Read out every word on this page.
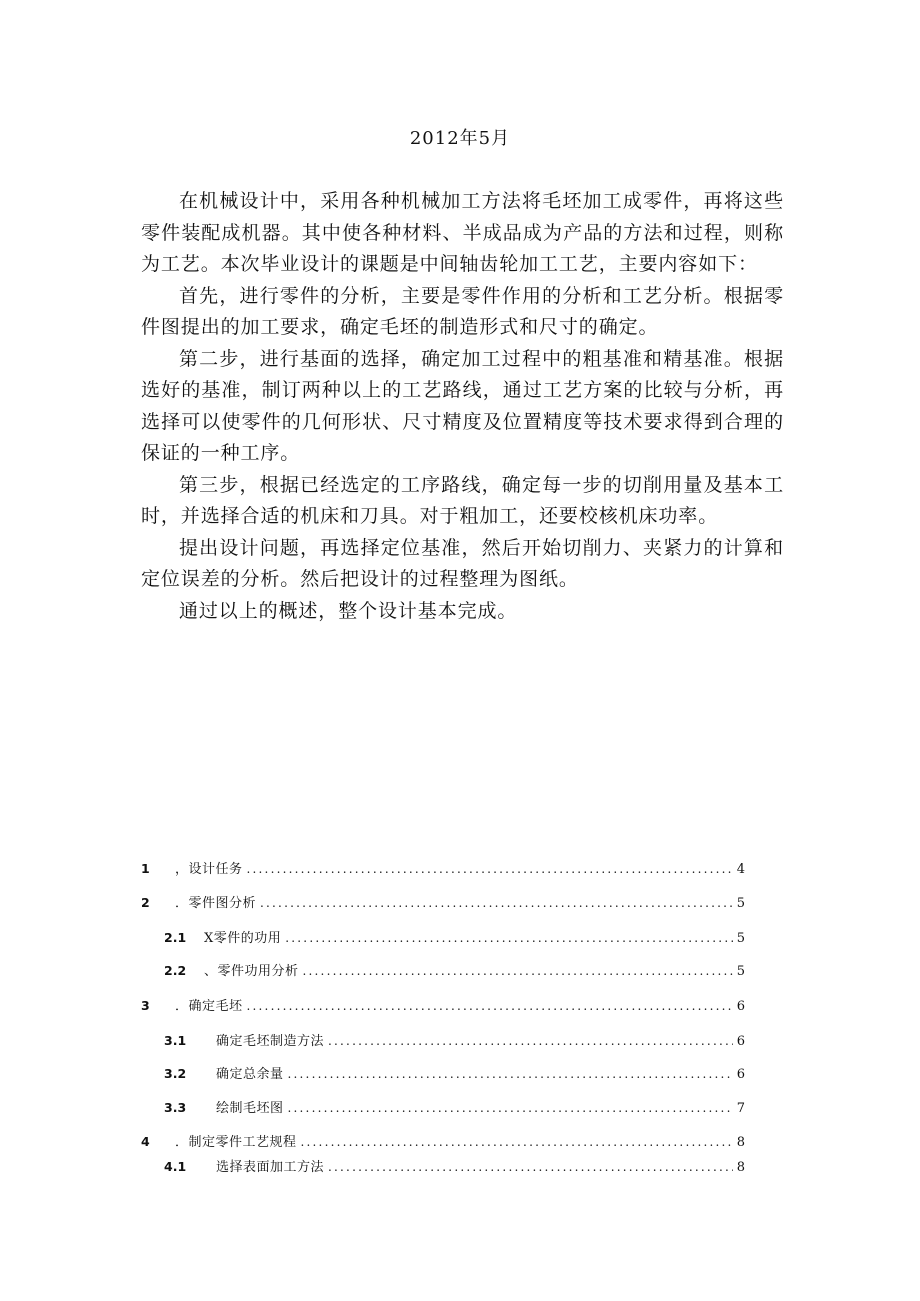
2012年5月

在机械设计中，采用各种机械加工方法将毛坯加工成零件，再将这些零件装配成机器。其中使各种材料、半成品成为产品的方法和过程，则称为工艺。本次毕业设计的课题是中间轴齿轮加工工艺，主要内容如下：

首先，进行零件的分析，主要是零件作用的分析和工艺分析。根据零件图提出的加工要求，确定毛坯的制造形式和尺寸的确定。

第二步，进行基面的选择，确定加工过程中的粗基准和精基准。根据选好的基准，制订两种以上的工艺路线，通过工艺方案的比较与分析，再选择可以使零件的几何形状、尺寸精度及位置精度等技术要求得到合理的保证的一种工序。

第三步，根据已经选定的工序路线，确定每一步的切削用量及基本工时，并选择合适的机床和刀具。对于粗加工，还要校核机床功率。

提出设计问题，再选择定位基准，然后开始切削力、夹紧力的计算和定位误差的分析。然后把设计的过程整理为图纸。

通过以上的概述，整个设计基本完成。

1	，设计任务 .....	4
2	．零件图分析 .....	5
2.1	X零件的功用 .....	5
2.2	、零件功用分析 .....	5
3	．确定毛坯 .....	6
3.1	确定毛坯制造方法 .....	6
3.2	确定总余量 .....	6
3.3	绘制毛坯图 .....	7
4	．制定零件工艺规程 .....	8
4.1	选择表面加工方法 .....	8
